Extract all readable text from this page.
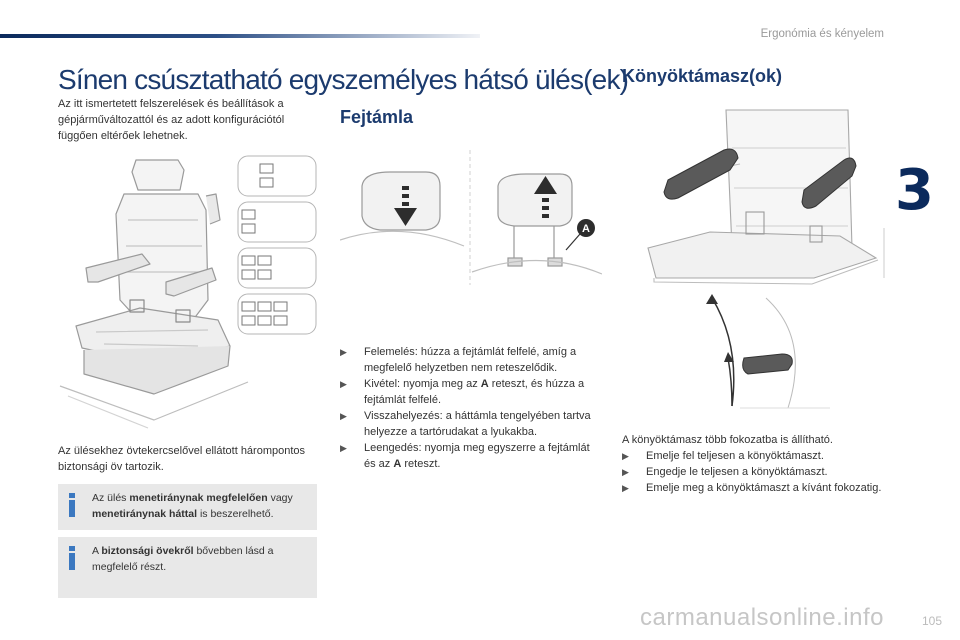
Ergonómia és kényelem
3
105
carmanualsonline.info
Sínen csúsztatható egyszemélyes hátsó ülés(ek)
Az itt ismertetett felszerelések és beállítások a gépjárműváltozattól és az adott konfigurációtól függően eltérőek lehetnek.
Az ülésekhez övtekercselővel ellátott hárompontos biztonsági öv tartozik.
Az ülés menetiránynak megfelelően vagy menetiránynak háttal is beszerelhető.
A biztonsági övekről bővebben lásd a megfelelő részt.
Fejtámla
A
▶ Felemelés: húzza a fejtámlát felfelé, amíg a megfelelő helyzetben nem reteszelődik.
▶ Kivétel: nyomja meg az A reteszt, és húzza a fejtámlát felfelé.
▶ Visszahelyezés: a háttámla tengelyében tartva helyezze a tartórudakat a lyukakba.
▶ Leengedés: nyomja meg egyszerre a fejtámlát és az A reteszt.
Könyöktámasz(ok)
A könyöktámasz több fokozatba is állítható.
▶ Emelje fel teljesen a könyöktámaszt.
▶ Engedje le teljesen a könyöktámaszt.
▶ Emelje meg a könyöktámaszt a kívánt fokozatig.
